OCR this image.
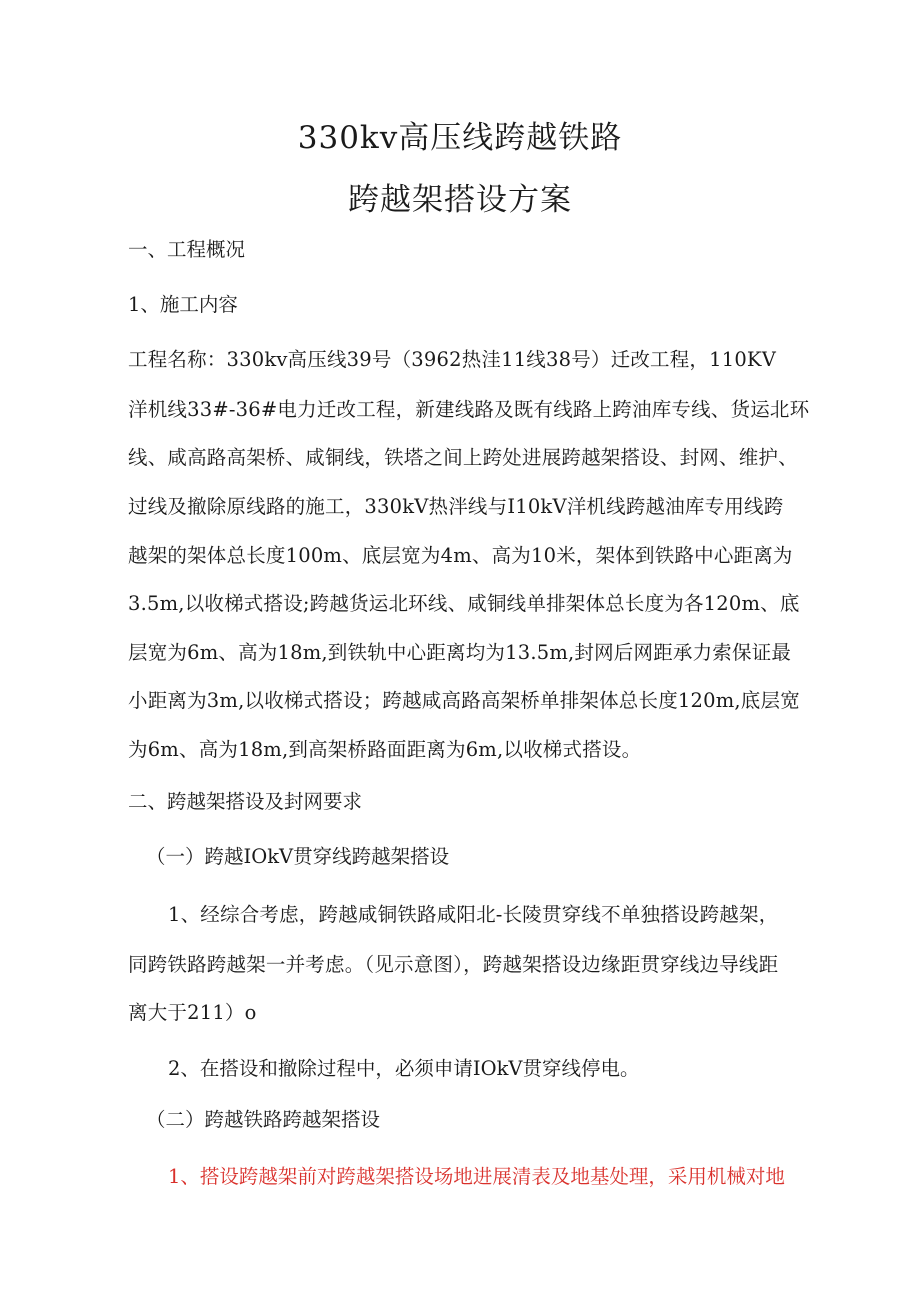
330kv高压线跨越铁路
跨越架搭设方案

一、工程概况

1、施工内容

工程名称：330kv高压线39号（3962热洼11线38号）迁改工程，110KV

洋机线33#-36#电力迁改工程，新建线路及既有线路上跨油库专线、货运北环

线、咸高路高架桥、咸铜线，铁塔之间上跨处进展跨越架搭设、封网、维护、

过线及撤除原线路的施工，330kV热泮线与I10kV洋机线跨越油库专用线跨

越架的架体总长度100m、底层宽为4m、高为10米，架体到铁路中心距离为

3.5m,以收梯式搭设;跨越货运北环线、咸铜线单排架体总长度为各120m、底

层宽为6m、高为18m,到铁轨中心距离均为13.5m,封网后网距承力索保证最

小距离为3m,以收梯式搭设；跨越咸高路高架桥单排架体总长度120m,底层宽

为6m、高为18m,到高架桥路面距离为6m,以收梯式搭设。

二、跨越架搭设及封网要求

（一）跨越IOkV贯穿线跨越架搭设

1、经综合考虑，跨越咸铜铁路咸阳北-长陵贯穿线不单独搭设跨越架，

同跨铁路跨越架一并考虑。（见示意图），跨越架搭设边缘距贯穿线边导线距

离大于211）o

2、在搭设和撤除过程中，必须申请IOkV贯穿线停电。

（二）跨越铁路跨越架搭设

1、搭设跨越架前对跨越架搭设场地进展清表及地基处理，采用机械对地
